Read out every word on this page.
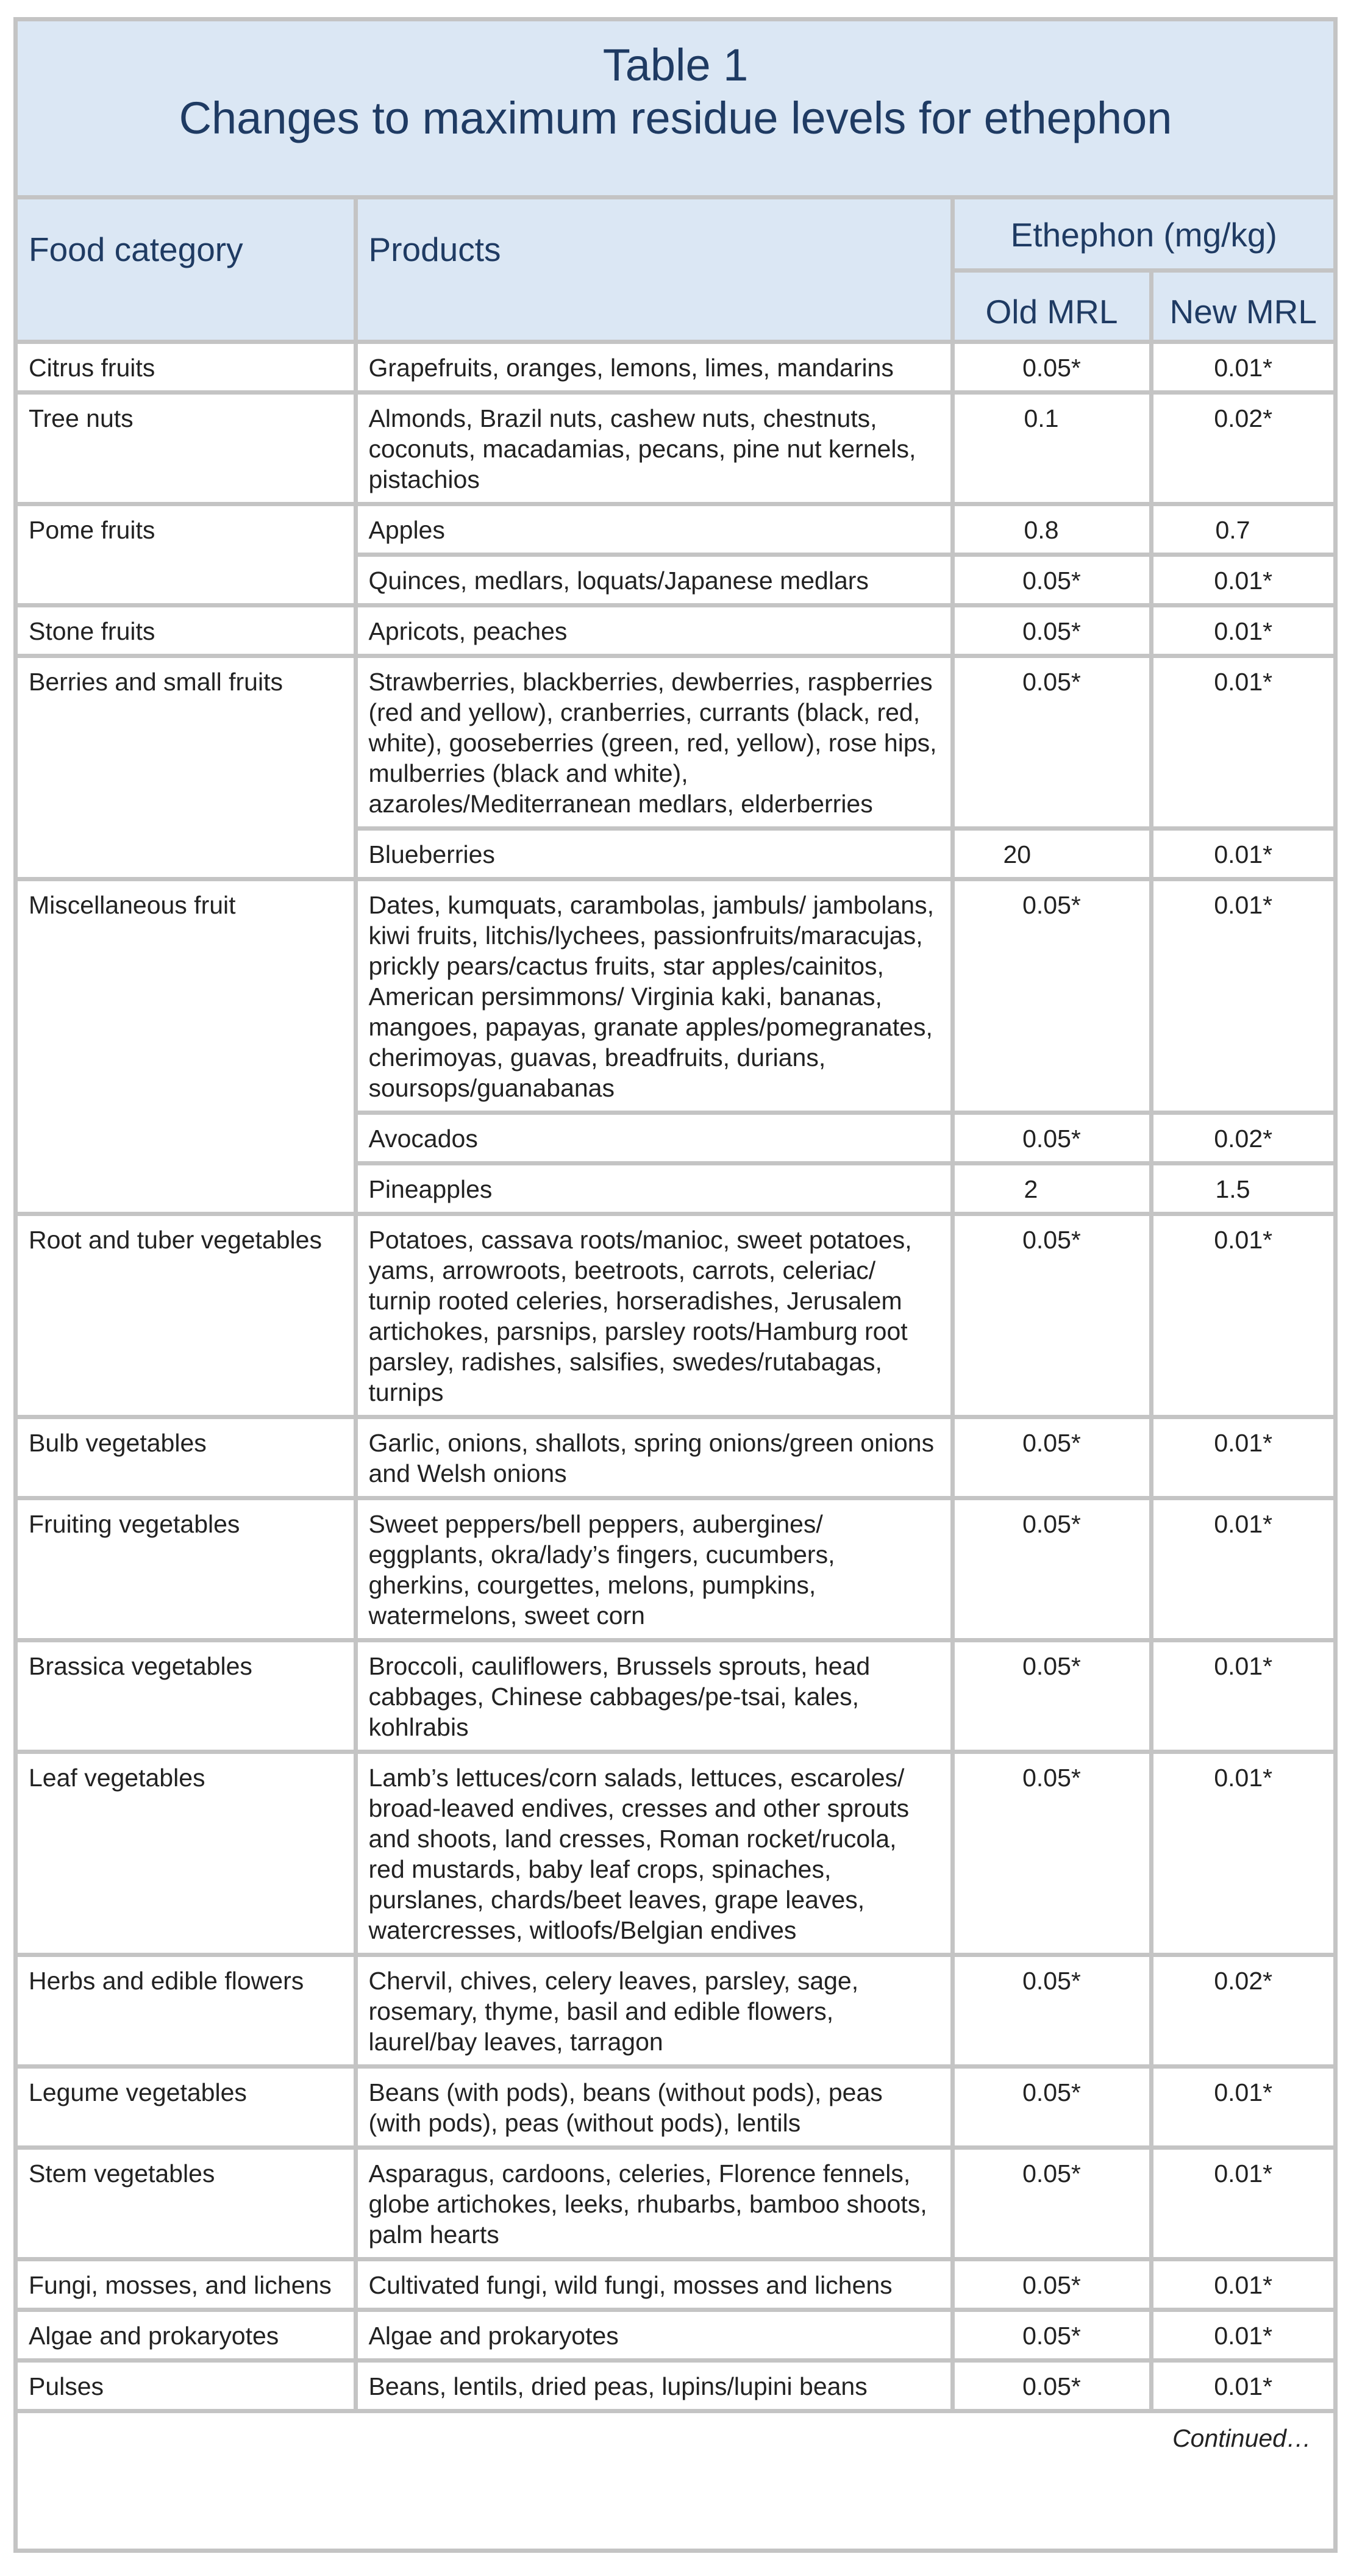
Table 1
Changes to maximum residue levels for ethephon
Food category	Products	Ethephon (mg/kg)	
		Old MRL	New MRL
Citrus fruits	Grapefruits, oranges, lemons, limes, mandarins	0.05*	0.01*
Tree nuts	Almonds, Brazil nuts, cashew nuts, chestnuts, coconuts, macadamias, pecans, pine nut kernels, pistachios	0.1	0.02*
Pome fruits	Apples	0.8	0.7
	Quinces, medlars, loquats/Japanese medlars	0.05*	0.01*
Stone fruits	Apricots, peaches	0.05*	0.01*
Berries and small fruits	Strawberries, blackberries, dewberries, raspberries (red and yellow), cranberries, currants (black, red, white), gooseberries (green, red, yellow), rose hips, mulberries (black and white), azaroles/Mediterranean medlars, elderberries	0.05*	0.01*
	Blueberries	20	0.01*
Miscellaneous fruit	Dates, kumquats, carambolas, jambuls/ jambolans, kiwi fruits, litchis/lychees, passionfruits/maracujas, prickly pears/cactus fruits, star apples/cainitos, American persimmons/ Virginia kaki, bananas, mangoes, papayas, granate apples/pomegranates, cherimoyas, guavas, breadfruits, durians, soursops/guanabanas	0.05*	0.01*
	Avocados	0.05*	0.02*
	Pineapples	2	1.5
Root and tuber vegetables	Potatoes, cassava roots/manioc, sweet potatoes, yams, arrowroots, beetroots, carrots, celeriac/ turnip rooted celeries, horseradishes, Jerusalem artichokes, parsnips, parsley roots/Hamburg root parsley, radishes, salsifies, swedes/rutabagas, turnips	0.05*	0.01*
Bulb vegetables	Garlic, onions, shallots, spring onions/green onions and Welsh onions	0.05*	0.01*
Fruiting vegetables	Sweet peppers/bell peppers, aubergines/ eggplants, okra/lady’s fingers, cucumbers, gherkins, courgettes, melons, pumpkins, watermelons, sweet corn	0.05*	0.01*
Brassica vegetables	Broccoli, cauliflowers, Brussels sprouts, head cabbages, Chinese cabbages/pe-tsai, kales, kohlrabis	0.05*	0.01*
Leaf vegetables	Lamb’s lettuces/corn salads, lettuces, escaroles/ broad-leaved endives, cresses and other sprouts and shoots, land cresses, Roman rocket/rucola, red mustards, baby leaf crops, spinaches, purslanes, chards/beet leaves, grape leaves, watercresses, witloofs/Belgian endives	0.05*	0.01*
Herbs and edible flowers	Chervil, chives, celery leaves, parsley, sage, rosemary, thyme, basil and edible flowers, laurel/bay leaves, tarragon	0.05*	0.02*
Legume vegetables	Beans (with pods), beans (without pods), peas (with pods), peas (without pods), lentils	0.05*	0.01*
Stem vegetables	Asparagus, cardoons, celeries, Florence fennels, globe artichokes, leeks, rhubarbs, bamboo shoots, palm hearts	0.05*	0.01*
Fungi, mosses, and lichens	Cultivated fungi, wild fungi, mosses and lichens	0.05*	0.01*
Algae and prokaryotes	Algae and prokaryotes	0.05*	0.01*
Pulses	Beans, lentils, dried peas, lupins/lupini beans	0.05*	0.01*
Continued…			
